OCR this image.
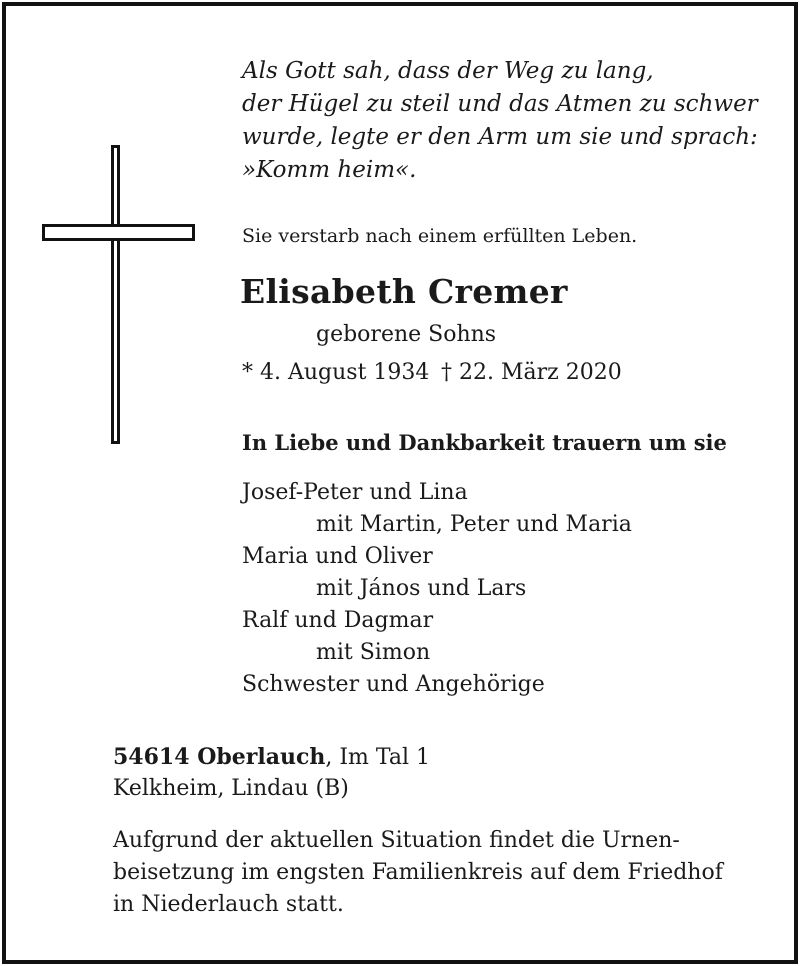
Als Gott sah, dass der Weg zu lang,
der Hügel zu steil und das Atmen zu schwer
wurde, legte er den Arm um sie und sprach:
»Komm heim«.
Sie verstarb nach einem erfüllten Leben.
Elisabeth Cremer
geborene Sohns
* 4. August 1934 † 22. März 2020
In Liebe und Dankbarkeit trauern um sie
Josef-Peter und Lina
mit Martin, Peter und Maria
Maria und Oliver
mit János und Lars
Ralf und Dagmar
mit Simon
Schwester und Angehörige
54614 Oberlauch, Im Tal 1
Kelkheim, Lindau (B)
Aufgrund der aktuellen Situation findet die Urnen-
beisetzung im engsten Familienkreis auf dem Friedhof
in Niederlauch statt.
